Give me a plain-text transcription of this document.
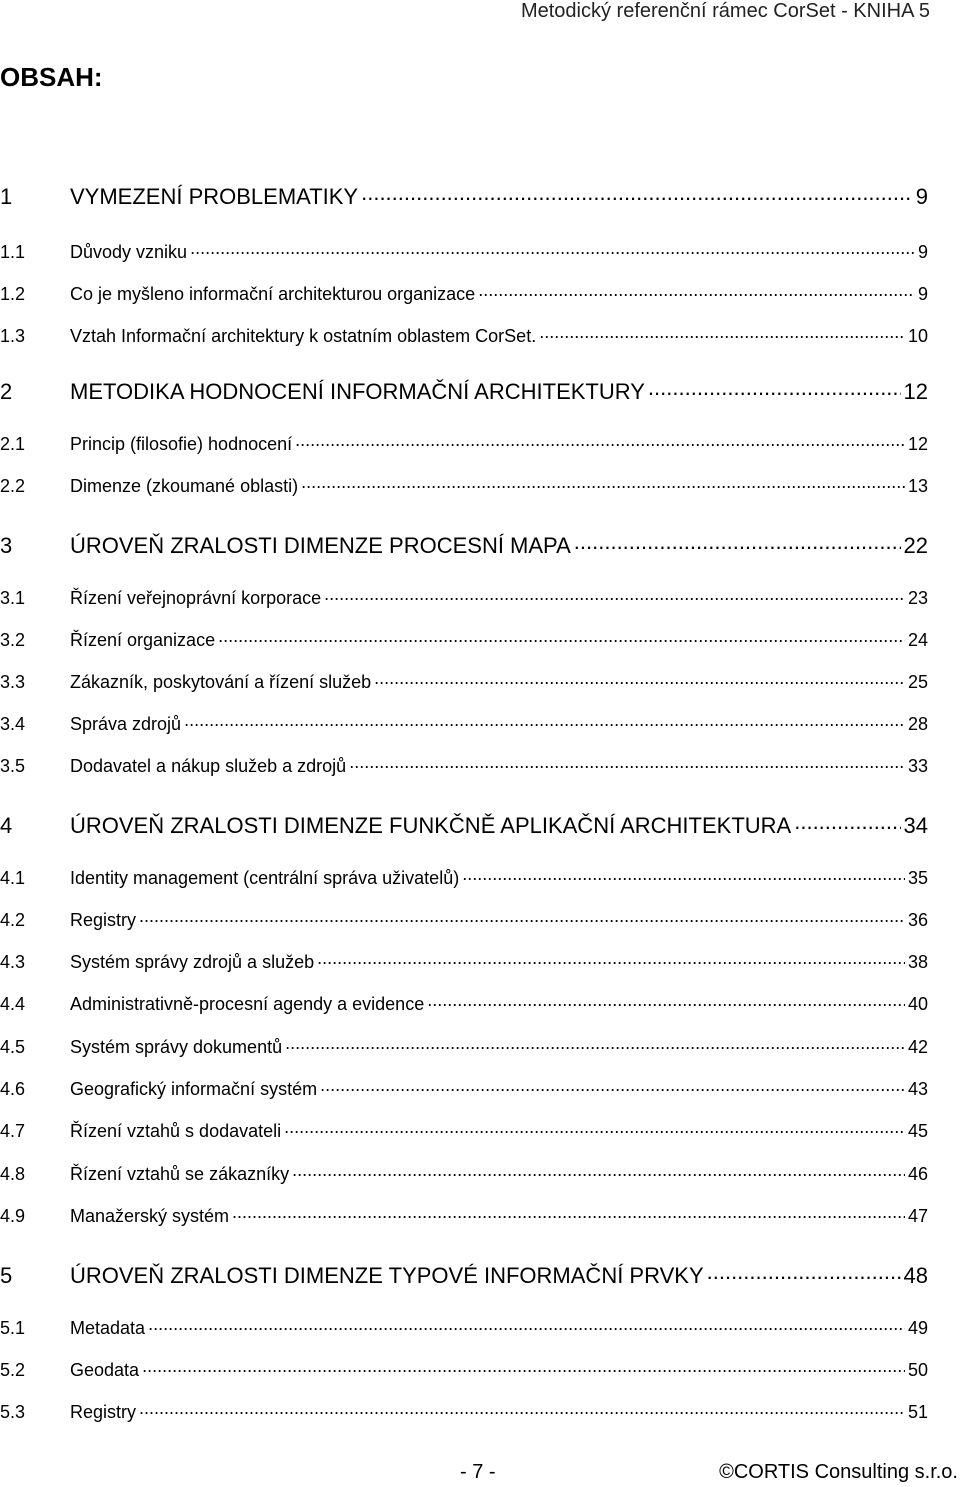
Metodický referenční rámec CorSet - KNIHA 5
OBSAH:
1	VYMEZENÍ PROBLEMATIKY .....	9
1.1	Důvody vzniku .....	9
1.2	Co je myšleno informační architekturou organizace .....	9
1.3	Vztah Informační architektury k ostatním oblastem CorSet. .....	10
2	METODIKA HODNOCENÍ INFORMAČNÍ ARCHITEKTURY .....	12
2.1	Princip (filosofie) hodnocení .....	12
2.2	Dimenze (zkoumané oblasti) .....	13
3	ÚROVEŇ ZRALOSTI DIMENZE PROCESNÍ MAPA .....	22
3.1	Řízení veřejnoprávní korporace .....	23
3.2	Řízení organizace .....	24
3.3	Zákazník, poskytování a řízení služeb .....	25
3.4	Správa zdrojů .....	28
3.5	Dodavatel a nákup služeb a zdrojů .....	33
4	ÚROVEŇ ZRALOSTI DIMENZE FUNKČNĚ APLIKAČNÍ ARCHITEKTURA .....	34
4.1	Identity management (centrální správa uživatelů) .....	35
4.2	Registry .....	36
4.3	Systém správy zdrojů a služeb .....	38
4.4	Administrativně-procesní agendy a evidence .....	40
4.5	Systém správy dokumentů .....	42
4.6	Geografický informační systém .....	43
4.7	Řízení vztahů s dodavateli .....	45
4.8	Řízení vztahů se zákazníky .....	46
4.9	Manažerský systém .....	47
5	ÚROVEŇ ZRALOSTI DIMENZE TYPOVÉ INFORMAČNÍ PRVKY .....	48
5.1	Metadata .....	49
5.2	Geodata .....	50
5.3	Registry .....	51
- 7 -	©CORTIS Consulting s.r.o.
